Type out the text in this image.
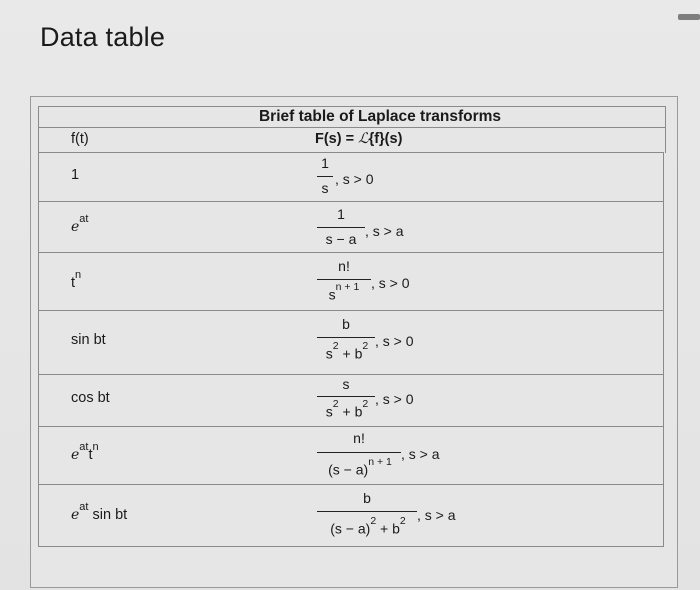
Data table
Brief table of Laplace transforms
f(t)	F(s) = ℒ{f}(s)
1
1
s
, s > 0
$e^{at}$	1
s − a , s > a
$t^n$
n!
$s^{n + 1}$ , s > 0
sin bt
b
$s^2 + b^2$ , s > 0
cos bt
s
$s^2 + b^2$ , s > 0
$e^{at}t^n$
n!
$(s - a)^{n + 1}$ , s > a
$e^{at}$ sin bt
b
$(s - a)^2 + b^2$ , s > a
